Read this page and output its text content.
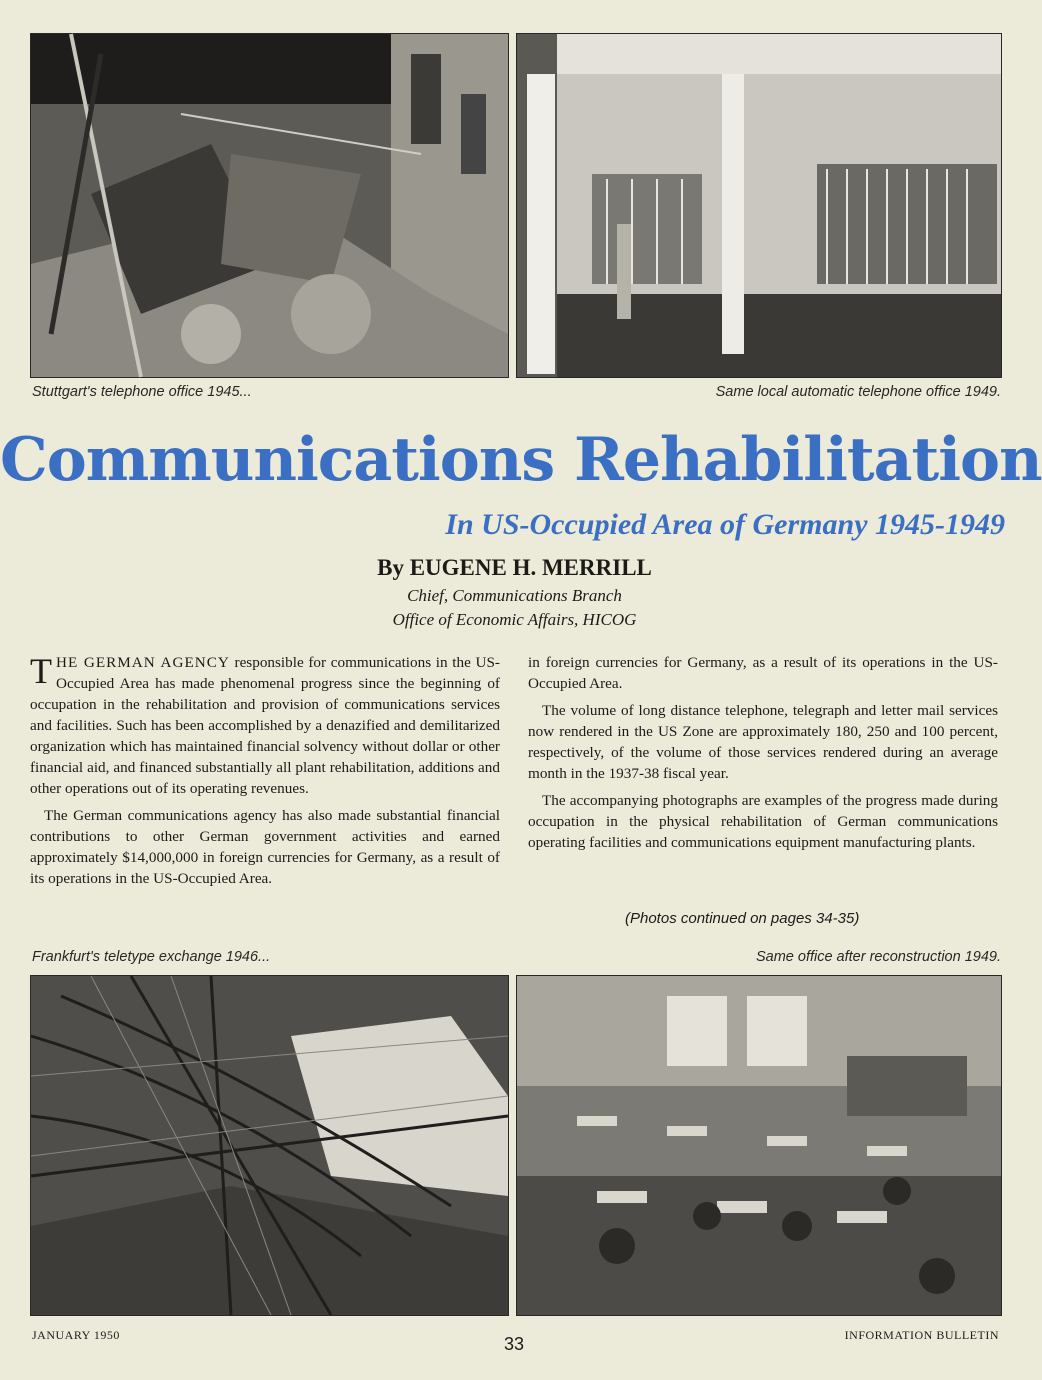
Stuttgart's telephone office 1945...	Same local automatic telephone office 1949.
Communications Rehabilitation
In US-Occupied Area of Germany 1945-1949
By EUGENE H. MERRILL
Chief, Communications Branch
Office of Economic Affairs, HICOG

THE GERMAN AGENCY responsible for communications in the US-Occupied Area has made phenomenal progress since the beginning of occupation in the rehabilitation and provision of communications services and facilities. Such has been accomplished by a denazified and demilitarized organization which has maintained financial solvency without dollar or other financial aid, and financed substantially all plant rehabilitation, additions and other operations out of its operating revenues.

The German communications agency has also made substantial financial contributions to other German government activities and earned approximately $14,000,000 in foreign currencies for Germany, as a result of its operations in the US-Occupied Area.

in foreign currencies for Germany, as a result of its operations in the US-Occupied Area.

The volume of long distance telephone, telegraph and letter mail services now rendered in the US Zone are approximately 180, 250 and 100 percent, respectively, of the volume of those services rendered during an average month in the 1937-38 fiscal year.

The accompanying photographs are examples of the progress made during occupation in the physical rehabilitation of German communications operating facilities and communications equipment manufacturing plants.

(Photos continued on pages 34-35)
Frankfurt's teletype exchange 1946...	Same office after reconstruction 1949.
JANUARY 1950	33	INFORMATION BULLETIN
